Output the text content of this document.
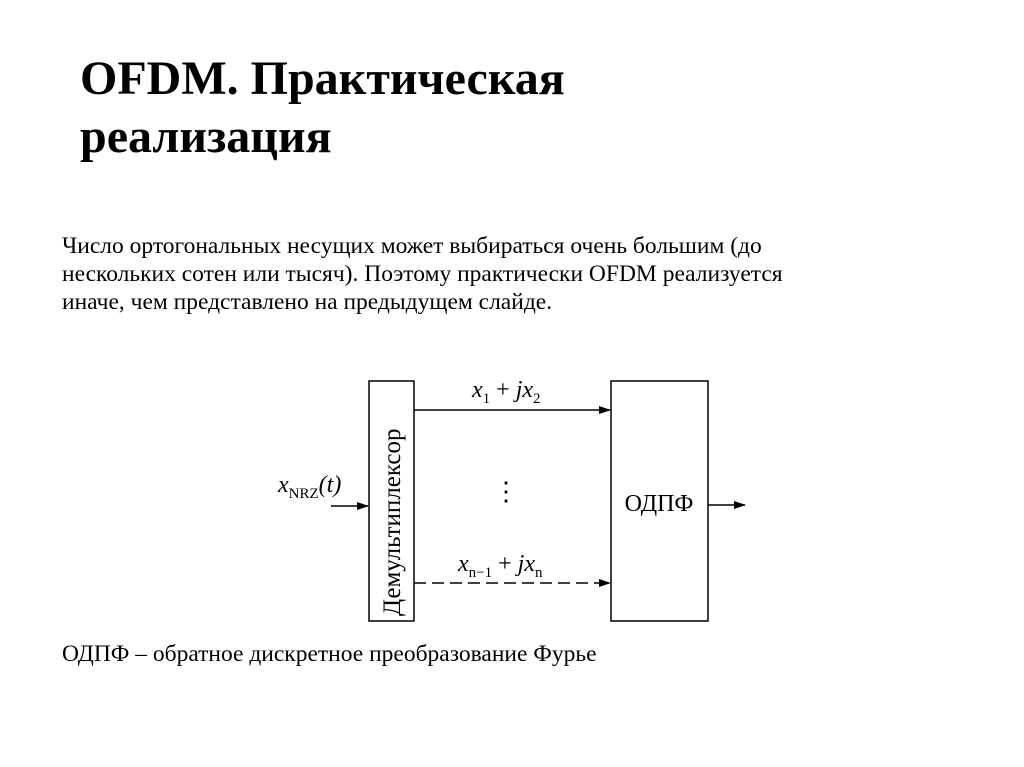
OFDM. Практическая
реализация
Число ортогональных несущих может выбираться очень большим (до
нескольких сотен или тысяч). Поэтому практически OFDM реализуется
иначе, чем представлено на предыдущем слайде.
Демультиплексор	ОДПФ
$x_{NRZ}(t)$
$x_1 + jx_2$
⋮
$x_{n-1} + jx_n$
ОДПФ – обратное дискретное преобразование Фурье
